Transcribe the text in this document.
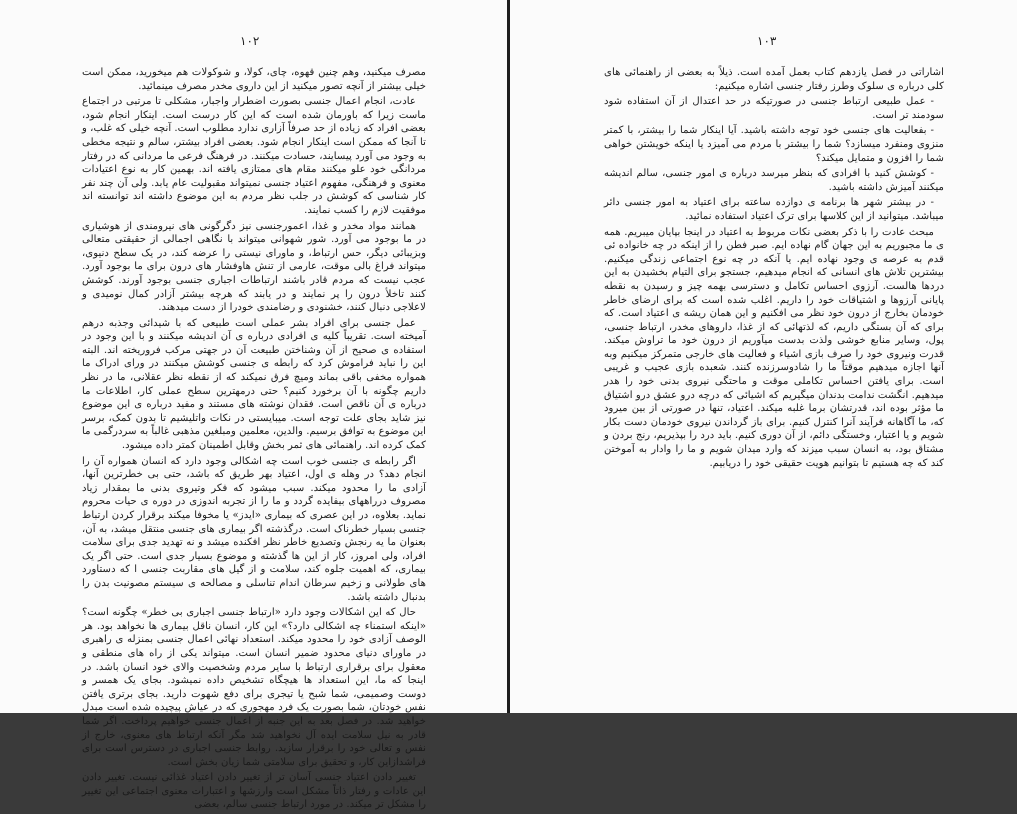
١٠٢

مصرف میکنید، وهم چنین قهوه، چای، کولا، و شوکولات هم میخورید، ممکن است خیلی بیشتر از آنچه تصور میکنید از این داروی مخدر مصرف مینمائید.

عادت، انجام اعمال جنسی بصورت اضطرار واجبار، مشکلی تا مرتبی در اجتماع ماست زیرا که باورمان شده است که این کار درست است. اینکار انجام شود، بعضی افراد که زیاده از حد صرفاً آزاری ندارد مطلوب است. آنچه خیلی که غلب، و تا آنجا که ممکن است اینکار انجام شود. بعضی افراد بیشتر، سالم و نتیجه مخطی به وجود می آورد پیسایند، حسادت میکنند. در فرهنگ فرعی ما مردانی که در رفتار مردانگی خود علو میکنند مقام های ممتازی یافته اند. بهمین کار به نوع اعتیادات معنوی و فرهنگی، مفهوم اعتیاد جنسی نمیتواند مقبولیت عام یابد. ولی آن چند نفر کار شناسی که کوشش در جلب نظر مردم به این موضوع داشته اند توانسته اند موفقیت لازم را کسب نمایند.

همانند مواد مخدر و غذا، اعمورجنسی نیز دگرگونی های نیرومندی از هوشیاری در ما بوجود می آورد. شور شهوانی میتواند با نگاهی اجمالی از حقیقتی متعالی وبزیبائی دیگر، حس ارتباط، و ماورای نیستی را عرضه کند، در یک سطح دنیوی، میتواند فراغ بالی موقت، عارمی از تنش هاوفشار های درون برای ما بوجود آورد. عجب نیست که مردم قادر باشند ارتباطات اجباری جنسی بوجود آورند. کوشش کنند تاخلأ درون را پر نمایند و در یابند که هرچه بیشتر آزادر کمال نومیدی و لاعلاجی دنبال کنند، خشنودی و رضامندی خودرا از دست میدهند.

عمل جنسی برای افراد بشر عملی است طبیعی که با شیدائی وجذبه درهم آمیخته است. تقریباً کلیه ی افرادی درباره ی آن اندیشه میکنند و با این وجود در استفاده ی صحیح از آن وشناختن طبیعت آن در جهتی مرکب فروریخته اند. البته این را نباید فراموش کرد که رابطه ی جنسی کوشش میکنند در ورای ادراک ما همواره مخفی باقی بماند ومیچ فرق نمیکند که از نقطه نظر عقلانی، ما در نظر داریم چگونه با آن برخورد کنیم؟ حتی درمهترین سطح عملی کار، اطلاعات ما درباره ی آن ناقص است. فقدان نوشته های مستند و مفید درباره ی این موضوع نیز شاید بجای علت توجه است. میبایستی در نکات واتلیشیم تا بدون کمک، برسر این موضوع به توافق برسیم. والدین، معلمین ومبلغین مذهبی غالباً به سردرگمی ما کمک کرده اند. راهنمائی های ثمر بخش وقابل اطمینان کمتر داده میشود.

اگر رابطه ی جنسی خوب است چه اشکالی وجود دارد که انسان همواره آن را انجام دهد؟ در وهله ی اول، اعتیاد بهر طریق که باشد، حتی بی خطرترین آنها، آزادی ما را محدود میکند. سبب میشود که فکر وتیروی بدنی ما بمقدار زیاد مصروف درراههای بیفایده گردد و ما را از تجربه اندوزی در دوره ی حیات محروم نماید. بعلاوه، در این عصری که بیماری «ایدز» یا مخوفا میکند برقرار کردن ارتباط جنسی بسیار خطرناک است. درگذشته اگر بیماری های جنسی منتقل میشد، به آن، بعنوان ما یه رنجش وتصدیع خاطر نظر افکنده میشد و نه تهدید جدی برای سلامت افراد، ولی امروز، کار از این ها گذشته و موضوع بسیار جدی است. حتی اگر یک بیماری، که اهمیت جلوه کند، سلامت و از گیل های مقاربت جنسی ا که دستاورد های طولانی و زخیم سرطان اندام تناسلی و مصالحه ی سیستم مصونیت بدن را بدنبال داشته باشد.

حال که این اشکالات وجود دارد «ارتباط جنسی اجباری بی خطر» چگونه است؟ «اینکه استمناء چه اشکالی دارد؟» این کار، انسان ناقل بیماری ها نخواهد بود. هر الوصف آزادی خود را محدود میکند. استعداد نهائی اعمال جنسی بمنزله ی راهبری در ماورای دنیای محدود ضمیر انسان است. میتواند یکی از راه های منطقی و معقول برای برقراری ارتباط با سایر مردم وشخصیت والای خود انسان باشد. در اینجا که ما، این استعداد ها هیچگاه تشخیص داده نمیشود. بجای یک همسر و دوست وصمیمی، شما شبح یا تیجری برای دفع شهوت دارید. بجای برتری یافتن نفس خودتان، شما بصورت یک فرد مهجوری که در عیاش پیچیده شده است مبدل خواهید شد. در فصل بعد به این جنبه از اعمال جنسی خواهیم پرداخت. اگر شما قادر به نیل سلامت ایده آل نخواهید شد مگر آنکه ارتباط های معنوی، خارج از نفس و تعالی خود را برقرار سازید. روابط جنسی اجباری در دسترس است برای فراشدازاین کار، و تحقیق برای سلامتی شما زیان بخش است.

تغییر دادن اعتیاد جنسی آسان تر از تغییر دادن اعتیاد غذائی نیست. تغییر دادن این عادات و رفتار ذاتاً مشکل است وارزشها و اعتبارات معنوی اجتماعی این تغییر را مشکل تر میکند. در مورد ارتباط جنسی سالم، بعضی

١٠٣

اشاراتی در فصل یازدهم کتاب بعمل آمده است. ذیلاً به بعضی از راهنمائی های کلی درباره ی سلوک وطرز رفتار جنسی اشاره میکنیم:

- عمل طبیعی ارتباط جنسی در صورتیکه در حد اعتدال از آن استفاده شود سودمند تر است.

- بفعالیت های جنسی خود توجه داشته باشید. آیا اینکار شما را بیشتر، با کمتر منزوی ومنفرد میسازد؟ شما را بیشتر با مردم می آمیزد یا اینکه خویشتن خواهی شما را افزون و متمایل میکند؟

- کوشش کنید با افرادی که بنظر میرسد درباره ی امور جنسی، سالم اندیشه میکنند آمیزش داشته باشید.

- در بیشتر شهر ها برنامه ی دوازده ساعته برای اعتیاد به امور جنسی دائر میباشد. میتوانید از این کلاسها برای ترک اعتیاد استفاده نمائید.

مبحث عادت را با ذکر بعضی نکات مربوط به اعتیاد در اینجا بپایان میبریم. همه ی ما مجبوریم به این جهان گام نهاده ایم. صبر فطن را از اینکه در چه خانواده ئی قدم به عرصه ی وجود نهاده ایم. یا آنکه در چه نوع اجتماعی زندگی میکنیم. بیشترین تلاش های انسانی که انجام میدهیم، جستجو برای التیام بخشیدن به این دردها هالست. آرزوی احساس تکامل و دسترسی بهمه چیز و رسیدن به نقطه پایانی آرزوها و اشتیاقات خود را داریم. اغلب شده است که برای ارضای خاطر خودمان بخارج از درون خود نظر می افکنیم و این همان ریشه ی اعتیاد است. که برای که آن بستگی داریم، که لذتهائی که از غذا، داروهای مخدر، ارتباط جنسی، پول، وسایر منابع خوشی ولذت بدست میآوریم از درون خود ما تراوش میکند. قدرت ونیروی خود را صرف بازی اشیاء و فعالیت های خارجی متمرکز میکنیم وبه آنها اجازه میدهیم موقتاً ما را شادوسرزنده کنند. شعبده بازی عجیب و غریبی است. برای یافتن احساس تکاملی موقت و ماحتگی نیروی بدنی خود را هدر میدهیم. انگشت ندامت بدندان میگیریم که اشیائی که درچه درو عشق درو اشتیاق ما مؤثر بوده اند، قدرتشان برما غلبه میکند. اعتیاد، تنها در صورتی از بین میرود که، ما آگاهانه فرآیند آنرا کنترل کنیم. برای باز گرداندن نیروی خودمان دست بکار شویم و یا اعتبار، وخستگی دائم، از آن دوری کنیم. باید درد را بپذیریم، رنج بردن و مشتاق بود، به انسان سبب میزند که وارد میدان شویم و ما را وادار به آموختن کند که چه هستیم تا بتوانیم هویت حقیقی خود را دریابیم.
